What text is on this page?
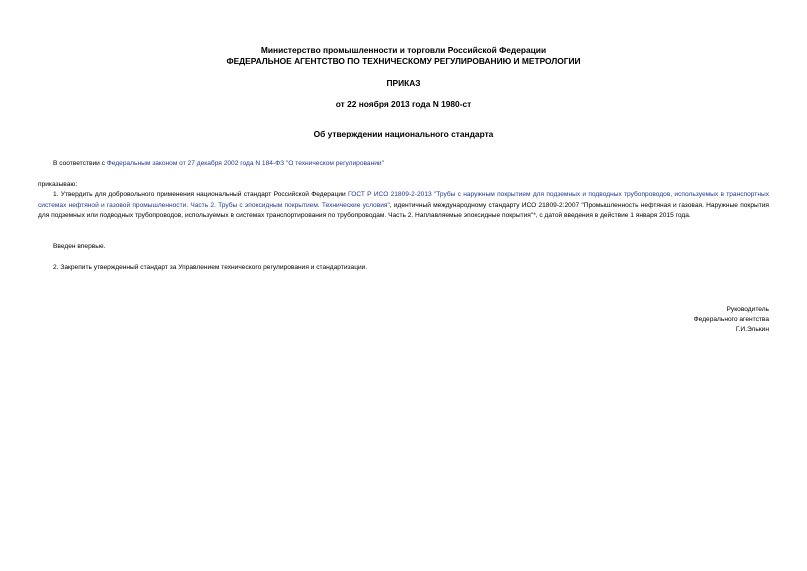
Министерство промышленности и торговли Российской Федерации
ФЕДЕРАЛЬНОЕ АГЕНТСТВО ПО ТЕХНИЧЕСКОМУ РЕГУЛИРОВАНИЮ И МЕТРОЛОГИИ
ПРИКАЗ
от 22 ноября 2013 года N 1980-ст
Об утверждении национального стандарта
В соответствии с Федеральным законом от 27 декабря 2002 года N 184-ФЗ "О техническом регулировании"
приказываю:
1. Утвердить для добровольного применения национальный стандарт Российской Федерации ГОСТ Р ИСО 21809-2-2013 "Трубы с наружным покрытием для подземных и подводных трубопроводов, используемых в транспортных системах нефтяной и газовой промышленности. Часть 2. Трубы с эпоксидным покрытием. Технические условия", идентичный международному стандарту ИСО 21809-2:2007 "Промышленность нефтяная и газовая. Наружные покрытия для подземных или подводных трубопроводов, используемых в системах транспортирования по трубопроводам. Часть 2. Наплавляемые эпоксидные покрытия"*, с датой введения в действие 1 января 2015 года.
Введен впервые.
2. Закрепить утвержденный стандарт за Управлением технического регулирования и стандартизации.
Руководитель
Федерального агентства
Г.И.Элькин
